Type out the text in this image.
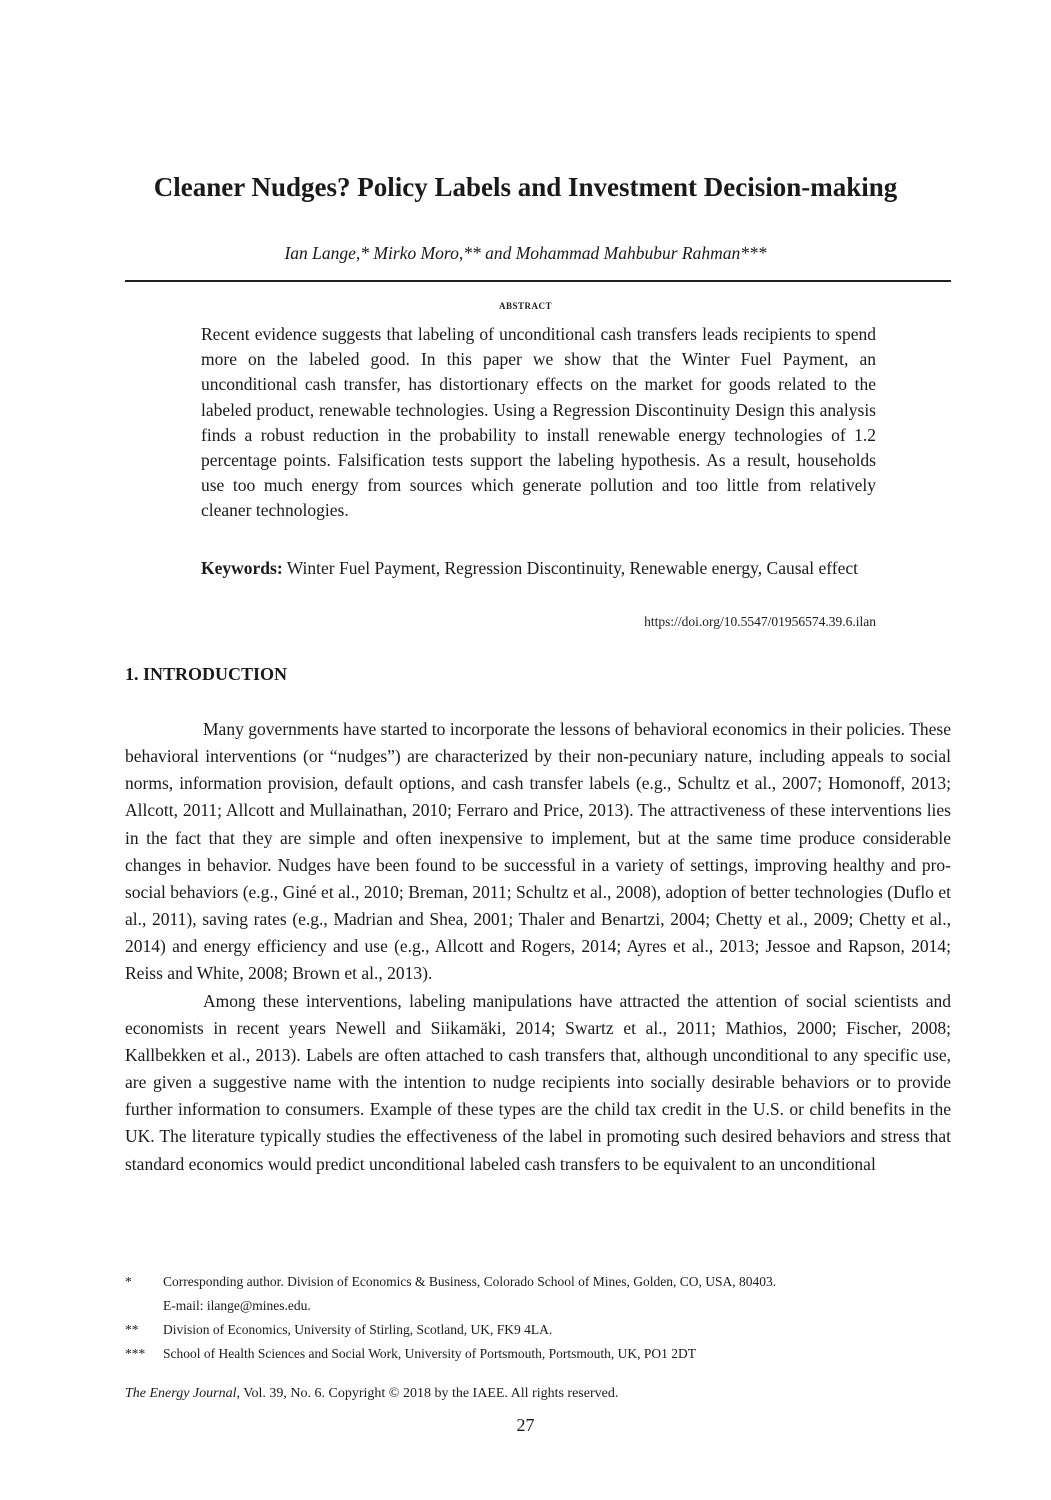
Cleaner Nudges? Policy Labels and Investment Decision-making

Ian Lange,* Mirko Moro,** and Mohammad Mahbubur Rahman***

abstract

Recent evidence suggests that labeling of unconditional cash transfers leads recipients to spend more on the labeled good. In this paper we show that the Winter Fuel Payment, an unconditional cash transfer, has distortionary effects on the market for goods related to the labeled product, renewable technologies. Using a Regression Discontinuity Design this analysis finds a robust reduction in the probability to install renewable energy technologies of 1.2 percentage points. Falsification tests support the labeling hypothesis. As a result, households use too much energy from sources which generate pollution and too little from relatively cleaner technologies.

Keywords: Winter Fuel Payment, Regression Discontinuity, Renewable energy, Causal effect

https://doi.org/10.5547/01956574.39.6.ilan
1. INTRODUCTION

Many governments have started to incorporate the lessons of behavioral economics in their policies. These behavioral interventions (or “nudges”) are characterized by their non-pecuniary nature, including appeals to social norms, information provision, default options, and cash transfer labels (e.g., Schultz et al., 2007; Homonoff, 2013; Allcott, 2011; Allcott and Mullainathan, 2010; Ferraro and Price, 2013). The attractiveness of these interventions lies in the fact that they are simple and often inexpensive to implement, but at the same time produce considerable changes in behavior. Nudges have been found to be successful in a variety of settings, improving healthy and pro-social behaviors (e.g., Giné et al., 2010; Breman, 2011; Schultz et al., 2008), adoption of better technologies (Duflo et al., 2011), saving rates (e.g., Madrian and Shea, 2001; Thaler and Benartzi, 2004; Chetty et al., 2009; Chetty et al., 2014) and energy efficiency and use (e.g., Allcott and Rogers, 2014; Ayres et al., 2013; Jessoe and Rapson, 2014; Reiss and White, 2008; Brown et al., 2013).

Among these interventions, labeling manipulations have attracted the attention of social scientists and economists in recent years Newell and Siikamäki, 2014; Swartz et al., 2011; Mathios, 2000; Fischer, 2008; Kallbekken et al., 2013). Labels are often attached to cash transfers that, although unconditional to any specific use, are given a suggestive name with the intention to nudge recipients into socially desirable behaviors or to provide further information to consumers. Example of these types are the child tax credit in the U.S. or child benefits in the UK. The literature typically studies the effectiveness of the label in promoting such desired behaviors and stress that standard economics would predict unconditional labeled cash transfers to be equivalent to an unconditional

* Corresponding author. Division of Economics & Business, Colorado School of Mines, Golden, CO, USA, 80403.
E-mail: ilange@mines.edu.
** Division of Economics, University of Stirling, Scotland, UK, FK9 4LA.
*** School of Health Sciences and Social Work, University of Portsmouth, Portsmouth, UK, PO1 2DT
The Energy Journal, Vol. 39, No. 6. Copyright © 2018 by the IAEE. All rights reserved.
27
